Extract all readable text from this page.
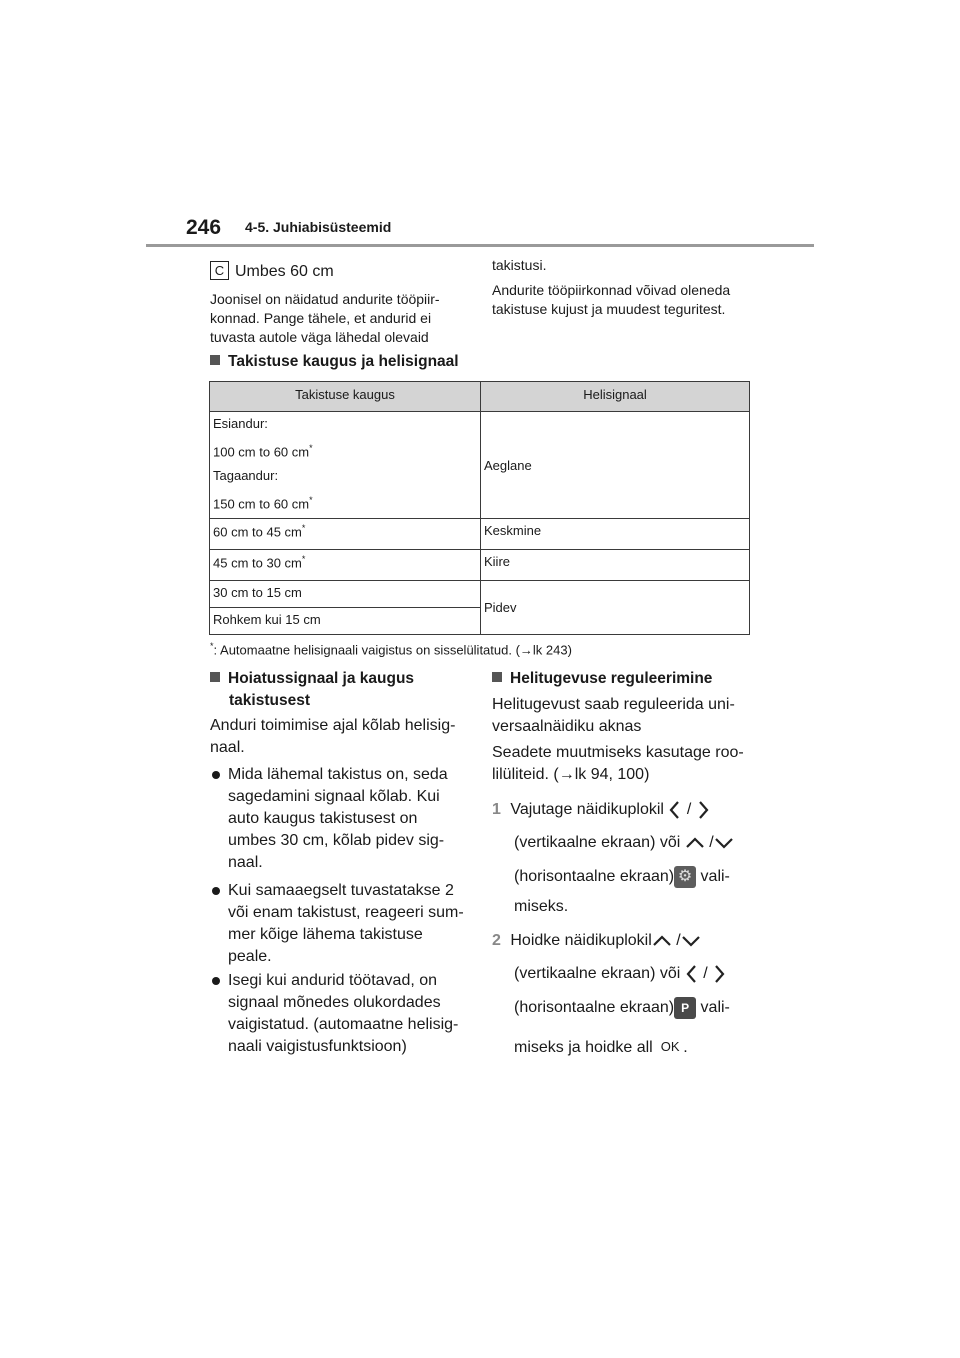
246 4-5. Juhiabisüsteemid
C Umbes 60 cm
Joonisel on näidatud andurite tööpiir-
konnad. Pange tähele, et andurid ei
tuvasta autole väga lähedal olevaid
takistusi.
Andurite tööpiirkonnad võivad oleneda
takistuse kujust ja muudest teguritest.
Takistuse kaugus ja helisignaal
Takistuse kaugus	Helisignaal

Esiandur:

100 cm to 60 cm*

Tagaandur:

150 cm to 60 cm*	Aeglane
60 cm to 45 cm*	Keskmine
45 cm to 30 cm*	Kiire
30 cm to 15 cm	Pidev
Rohkem kui 15 cm	
*: Automaatne helisignaali vaigistus on sisselülitatud. (→lk 243)
Hoiatussignaal ja kaugus
takistusest
Anduri toimimise ajal kõlab helisig-
naal.
Mida lähemal takistus on, seda
sagedamini signaal kõlab. Kui
auto kaugus takistusest on
umbes 30 cm, kõlab pidev sig-
naal.
Kui samaaegselt tuvastatakse 2
või enam takistust, reageeri sum-
mer kõige lähema takistuse
peale.
Isegi kui andurid töötavad, on
signaal mõnedes olukordades
vaigistatud. (automaatne helisig-
naali vaigistusfunktsioon)
Helitugevuse reguleerimine
Helitugevust saab reguleerida uni-
versaalnäidiku aknas
Seadete muutmiseks kasutage roo-
lilüliteid. (→lk 94, 100)
1 Vajutage näidikuplokil /
(vertikaalne ekraan) või /
(horisontaalne ekraan) ⚙ vali-
miseks.
2 Hoidke näidikuplokil /
(vertikaalne ekraan) või /
(horisontaalne ekraan) P vali-
miseks ja hoidke all OK .
